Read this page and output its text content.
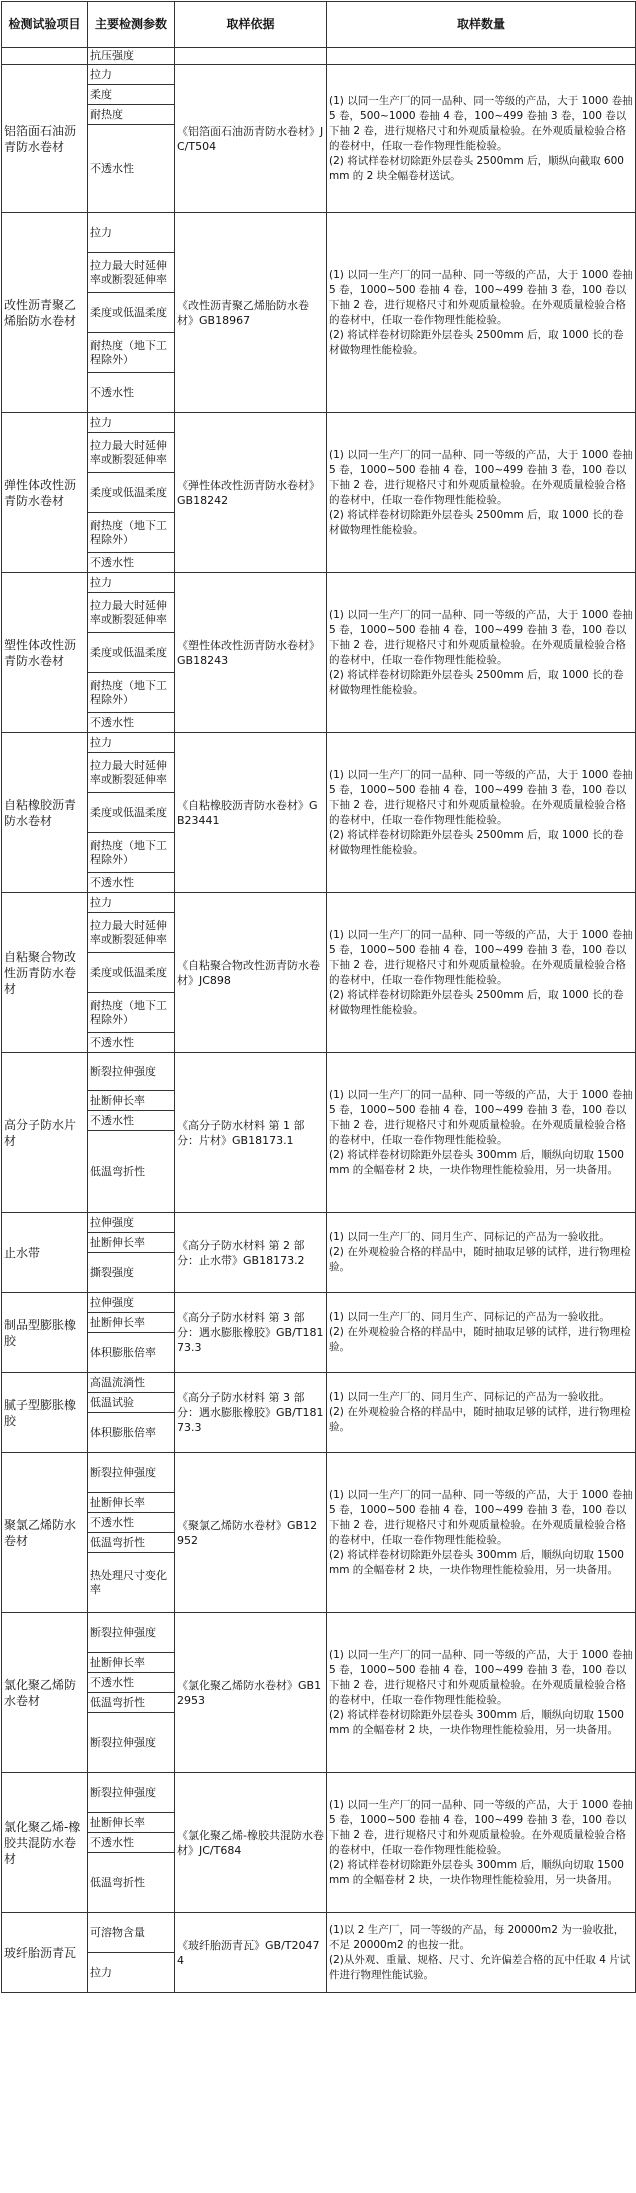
检测试验项目	主要检测参数	取样依据	取样数量
	抗压强度		
铝箔面石油沥青防水卷材	拉力	《铝箔面石油沥青防水卷材》JC/T504	(1) 以同一生产厂的同一品种、同一等级的产品，大于 1000 卷抽 5 卷，500~1000 卷抽 4 卷，100~499 卷抽 3 卷，100 卷以下抽 2 卷，进行规格尺寸和外观质量检验。在外观质量检验合格的卷材中，任取一卷作物理性能检验。
(2) 将试样卷材切除距外层卷头 2500mm 后，顺纵向截取 600mm 的 2 块全幅卷材送试。
	柔度		
	耐热度		
	不透水性		
改性沥青聚乙烯胎防水卷材	拉力	《改性沥青聚乙烯胎防水卷材》GB18967	(1) 以同一生产厂的同一品种、同一等级的产品，大于 1000 卷抽 5 卷，1000~500 卷抽 4 卷，100~499 卷抽 3 卷，100 卷以下抽 2 卷，进行规格尺寸和外观质量检验。在外观质量检验合格的卷材中，任取一卷作物理性能检验。
(2) 将试样卷材切除距外层卷头 2500mm 后，取 1000 长的卷材做物理性能检验。
	拉力最大时延伸率或断裂延伸率		
	柔度或低温柔度		
	耐热度（地下工程除外）		
	不透水性		
弹性体改性沥青防水卷材	拉力	《弹性体改性沥青防水卷材》GB18242	(1) 以同一生产厂的同一品种、同一等级的产品，大于 1000 卷抽 5 卷，1000~500 卷抽 4 卷，100~499 卷抽 3 卷，100 卷以下抽 2 卷，进行规格尺寸和外观质量检验。在外观质量检验合格的卷材中，任取一卷作物理性能检验。
(2) 将试样卷材切除距外层卷头 2500mm 后，取 1000 长的卷材做物理性能检验。
	拉力最大时延伸率或断裂延伸率		
	柔度或低温柔度		
	耐热度（地下工程除外）		
	不透水性		
塑性体改性沥青防水卷材	拉力	《塑性体改性沥青防水卷材》GB18243	(1) 以同一生产厂的同一品种、同一等级的产品，大于 1000 卷抽 5 卷，1000~500 卷抽 4 卷，100~499 卷抽 3 卷，100 卷以下抽 2 卷，进行规格尺寸和外观质量检验。在外观质量检验合格的卷材中，任取一卷作物理性能检验。
(2) 将试样卷材切除距外层卷头 2500mm 后，取 1000 长的卷材做物理性能检验。
	拉力最大时延伸率或断裂延伸率		
	柔度或低温柔度		
	耐热度（地下工程除外）		
	不透水性		
自粘橡胶沥青防水卷材	拉力	《自粘橡胶沥青防水卷材》GB23441	(1) 以同一生产厂的同一品种、同一等级的产品，大于 1000 卷抽 5 卷，1000~500 卷抽 4 卷，100~499 卷抽 3 卷，100 卷以下抽 2 卷，进行规格尺寸和外观质量检验。在外观质量检验合格的卷材中，任取一卷作物理性能检验。
(2) 将试样卷材切除距外层卷头 2500mm 后，取 1000 长的卷材做物理性能检验。
	拉力最大时延伸率或断裂延伸率		
	柔度或低温柔度		
	耐热度（地下工程除外）		
	不透水性		
自粘聚合物改性沥青防水卷材	拉力	《自粘聚合物改性沥青防水卷材》JC898	(1) 以同一生产厂的同一品种、同一等级的产品，大于 1000 卷抽 5 卷，1000~500 卷抽 4 卷，100~499 卷抽 3 卷，100 卷以下抽 2 卷，进行规格尺寸和外观质量检验。在外观质量检验合格的卷材中，任取一卷作物理性能检验。
(2) 将试样卷材切除距外层卷头 2500mm 后，取 1000 长的卷材做物理性能检验。
	拉力最大时延伸率或断裂延伸率		
	柔度或低温柔度		
	耐热度（地下工程除外）		
	不透水性		
高分子防水片材	断裂拉伸强度	《高分子防水材料 第 1 部分：片材》GB18173.1	(1) 以同一生产厂的同一品种、同一等级的产品，大于 1000 卷抽 5 卷，1000~500 卷抽 4 卷，100~499 卷抽 3 卷，100 卷以下抽 2 卷，进行规格尺寸和外观质量检验。在外观质量检验合格的卷材中，任取一卷作物理性能检验。
(2) 将试样卷材切除距外层卷头 300mm 后，顺纵向切取 1500mm 的全幅卷材 2 块，一块作物理性能检验用，另一块备用。
	扯断伸长率		
	不透水性		
	低温弯折性		
止水带	拉伸强度	《高分子防水材料 第 2 部分：止水带》GB18173.2	(1) 以同一生产厂的、同月生产、同标记的产品为一验收批。
(2) 在外观检验合格的样品中，随时抽取足够的试样，进行物理检验。
	扯断伸长率		
	撕裂强度		
制品型膨胀橡胶	拉伸强度	《高分子防水材料 第 3 部分：遇水膨胀橡胶》GB/T18173.3	(1) 以同一生产厂的、同月生产、同标记的产品为一验收批。
(2) 在外观检验合格的样品中，随时抽取足够的试样，进行物理检验。
	扯断伸长率		
	体积膨胀倍率		
腻子型膨胀橡胶	高温流淌性	《高分子防水材料 第 3 部分：遇水膨胀橡胶》GB/T18173.3	(1) 以同一生产厂的、同月生产、同标记的产品为一验收批。
(2) 在外观检验合格的样品中，随时抽取足够的试样，进行物理检验。
	低温试验		
	体积膨胀倍率		
聚氯乙烯防水卷材	断裂拉伸强度	《聚氯乙烯防水卷材》GB12952	(1) 以同一生产厂的同一品种、同一等级的产品，大于 1000 卷抽 5 卷，1000~500 卷抽 4 卷，100~499 卷抽 3 卷，100 卷以下抽 2 卷，进行规格尺寸和外观质量检验。在外观质量检验合格的卷材中，任取一卷作物理性能检验。
(2) 将试样卷材切除距外层卷头 300mm 后，顺纵向切取 1500mm 的全幅卷材 2 块，一块作物理性能检验用，另一块备用。
	扯断伸长率		
	不透水性		
	低温弯折性		
	热处理尺寸变化率		
氯化聚乙烯防水卷材	断裂拉伸强度	《氯化聚乙烯防水卷材》GB12953	(1) 以同一生产厂的同一品种、同一等级的产品，大于 1000 卷抽 5 卷，1000~500 卷抽 4 卷，100~499 卷抽 3 卷，100 卷以下抽 2 卷，进行规格尺寸和外观质量检验。在外观质量检验合格的卷材中，任取一卷作物理性能检验。
(2) 将试样卷材切除距外层卷头 300mm 后，顺纵向切取 1500mm 的全幅卷材 2 块，一块作物理性能检验用，另一块备用。
	扯断伸长率		
	不透水性		
	低温弯折性		
	断裂拉伸强度		
氯化聚乙烯-橡胶共混防水卷材	断裂拉伸强度	《氯化聚乙烯-橡胶共混防水卷材》JC/T684	(1) 以同一生产厂的同一品种、同一等级的产品，大于 1000 卷抽 5 卷，1000~500 卷抽 4 卷，100~499 卷抽 3 卷，100 卷以下抽 2 卷，进行规格尺寸和外观质量检验。在外观质量检验合格的卷材中，任取一卷作物理性能检验。
(2) 将试样卷材切除距外层卷头 300mm 后，顺纵向切取 1500mm 的全幅卷材 2 块，一块作物理性能检验用，另一块备用。
	扯断伸长率		
	不透水性		
	低温弯折性		
玻纤胎沥青瓦	可溶物含量	《玻纤胎沥青瓦》GB/T20474	(1)以 2 生产厂，同一等级的产品，每 20000m2 为一验收批，不足 20000m2 的也按一批。
(2)从外观、重量、规格、尺寸、允许偏差合格的瓦中任取 4 片试件进行物理性能试验。
	拉力		
